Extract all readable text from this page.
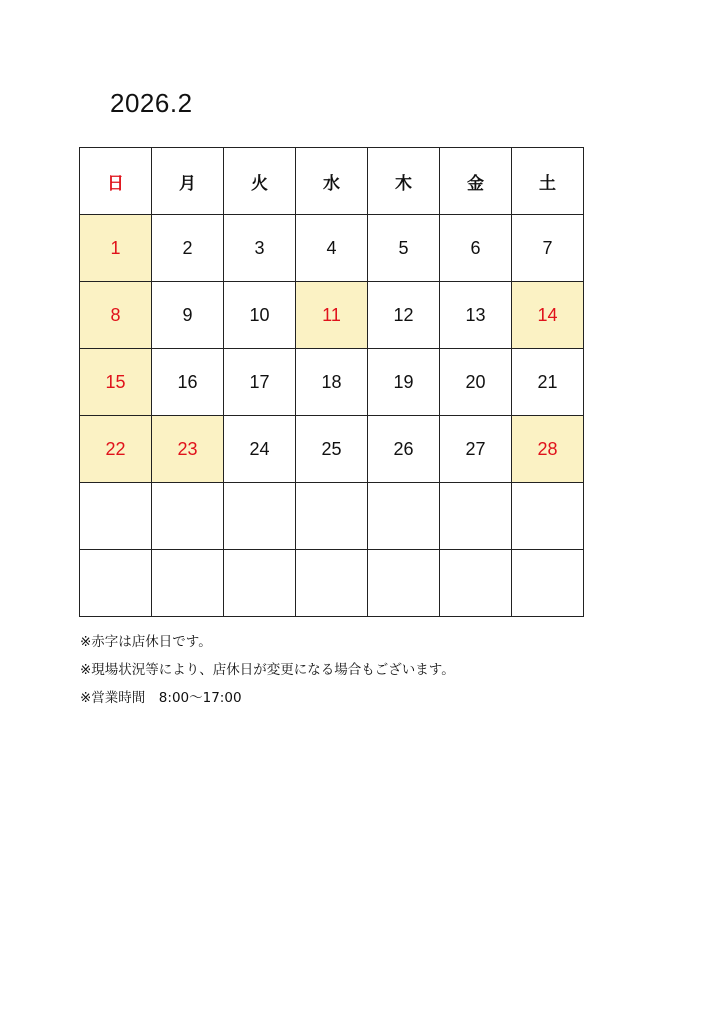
2026.2
日	月	火	水	木	金	土
1	2	3	4	5	6	7
8	9	10	11	12	13	14
15	16	17	18	19	20	21
22	23	24	25	26	27	28

※赤字は店休日です。
※現場状況等により、店休日が変更になる場合もございます。
※営業時間　8:00～17:00
